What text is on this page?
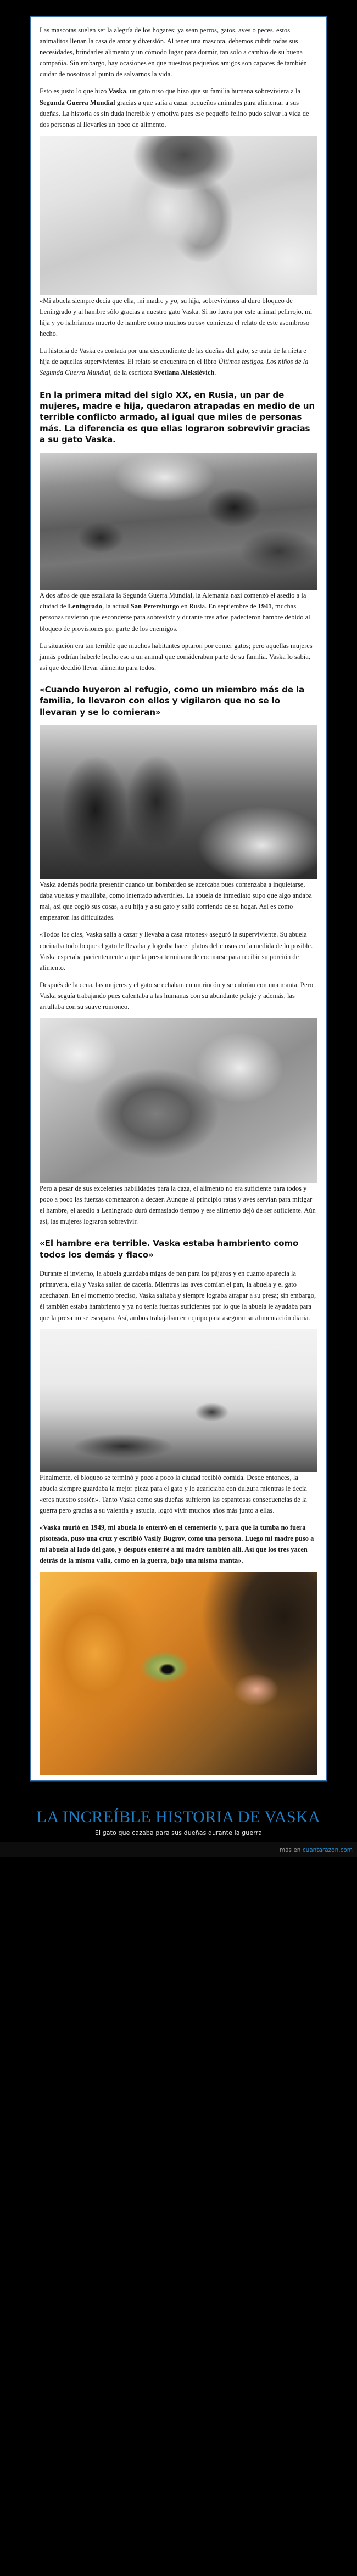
Las mascotas suelen ser la alegría de los hogares; ya sean perros, gatos, aves o peces, estos animalitos llenan la casa de amor y diversión. Al tener una mascota, debemos cubrir todas sus necesidades, brindarles alimento y un cómodo lugar para dormir, tan solo a cambio de su buena compañía. Sin embargo, hay ocasiones en que nuestros pequeños amigos son capaces de también cuidar de nosotros al punto de salvarnos la vida.

Esto es justo lo que hizo Vaska, un gato ruso que hizo que su familia humana sobreviviera a la Segunda Guerra Mundial gracias a que salía a cazar pequeños animales para alimentar a sus dueñas. La historia es sin duda increíble y emotiva pues ese pequeño felino pudo salvar la vida de dos personas al llevarles un poco de alimento.

«Mi abuela siempre decía que ella, mi madre y yo, su hija, sobrevivimos al duro bloqueo de Leningrado y al hambre sólo gracias a nuestro gato Vaska. Si no fuera por este animal pelirrojo, mi hija y yo habríamos muerto de hambre como muchos otros» comienza el relato de este asombroso hecho.

La historia de Vaska es contada por una descendiente de las dueñas del gato; se trata de la nieta e hija de aquellas supervivientes. El relato se encuentra en el libro Últimos testigos. Los niños de la Segunda Guerra Mundial, de la escritora Svetlana Aleksiévich.

En la primera mitad del siglo XX, en Rusia, un par de mujeres, madre e hija, quedaron atrapadas en medio de un terrible conflicto armado, al igual que miles de personas más. La diferencia es que ellas lograron sobrevivir gracias a su gato Vaska.

A dos años de que estallara la Segunda Guerra Mundial, la Alemania nazi comenzó el asedio a la ciudad de Leningrado, la actual San Petersburgo en Rusia. En septiembre de 1941, muchas personas tuvieron que esconderse para sobrevivir y durante tres años padecieron hambre debido al bloqueo de provisiones por parte de los enemigos.

La situación era tan terrible que muchos habitantes optaron por comer gatos; pero aquellas mujeres jamás podrían haberle hecho eso a un animal que consideraban parte de su familia. Vaska lo sabía, así que decidió llevar alimento para todos.

«Cuando huyeron al refugio, como un miembro más de la familia, lo llevaron con ellos y vigilaron que no se lo llevaran y se lo comieran»

Vaska además podría presentir cuando un bombardeo se acercaba pues comenzaba a inquietarse, daba vueltas y maullaba, como intentado advertirles. La abuela de inmediato supo que algo andaba mal, así que cogió sus cosas, a su hija y a su gato y salió corriendo de su hogar. Así es como empezaron las dificultades.

«Todos los días, Vaska salía a cazar y llevaba a casa ratones» aseguró la superviviente. Su abuela cocinaba todo lo que el gato le llevaba y lograba hacer platos deliciosos en la medida de lo posible. Vaska esperaba pacientemente a que la presa terminara de cocinarse para recibir su porción de alimento.

Después de la cena, las mujeres y el gato se echaban en un rincón y se cubrían con una manta. Pero Vaska seguía trabajando pues calentaba a las humanas con su abundante pelaje y además, las arrullaba con su suave ronroneo.

Pero a pesar de sus excelentes habilidades para la caza, el alimento no era suficiente para todos y poco a poco las fuerzas comenzaron a decaer. Aunque al principio ratas y aves servían para mitigar el hambre, el asedio a Leningrado duró demasiado tiempo y ese alimento dejó de ser suficiente. Aún así, las mujeres lograron sobrevivir.

«El hambre era terrible. Vaska estaba hambriento como todos los demás y flaco»

Durante el invierno, la abuela guardaba migas de pan para los pájaros y en cuanto aparecía la primavera, ella y Vaska salían de cacería. Mientras las aves comían el pan, la abuela y el gato acechaban. En el momento preciso, Vaska saltaba y siempre lograba atrapar a su presa; sin embargo, él también estaba hambriento y ya no tenía fuerzas suficientes por lo que la abuela le ayudaba para que la presa no se escapara. Así, ambos trabajaban en equipo para asegurar su alimentación diaria.

Finalmente, el bloqueo se terminó y poco a poco la ciudad recibió comida. Desde entonces, la abuela siempre guardaba la mejor pieza para el gato y lo acariciaba con dulzura mientras le decía «eres nuestro sostén». Tanto Vaska como sus dueñas sufrieron las espantosas consecuencias de la guerra pero gracias a su valentía y astucia, logró vivir muchos años más junto a ellas.

«Vaska murió en 1949, mi abuela lo enterró en el cementerio y, para que la tumba no fuera pisoteada, puso una cruz y escribió Vasily Bugrov, como una persona. Luego mi madre puso a mi abuela al lado del gato, y después enterré a mi madre también allí. Así que los tres yacen detrás de la misma valla, como en la guerra, bajo una misma manta».

LA INCREÍBLE HISTORIA DE VASKA
El gato que cazaba para sus dueñas durante la guerra
más en cuantarazon.com
